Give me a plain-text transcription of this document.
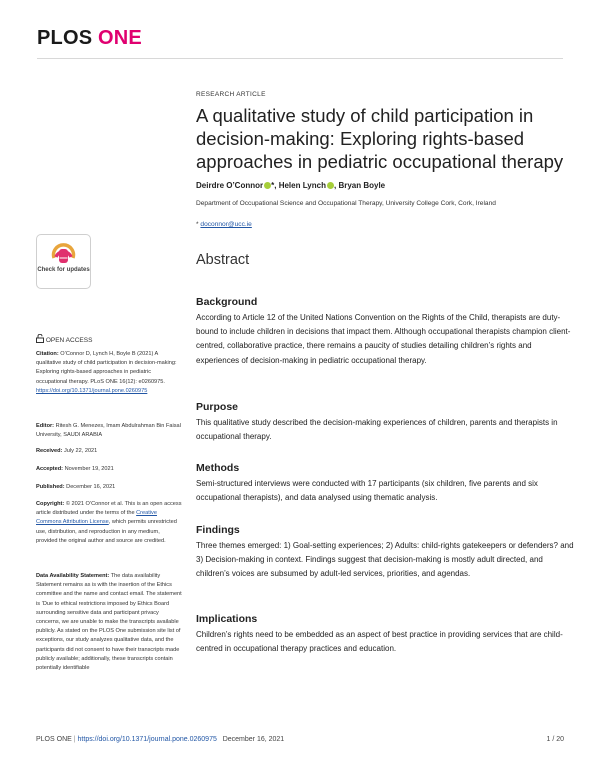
PLOS ONE
RESEARCH ARTICLE
A qualitative study of child participation in decision-making: Exploring rights-based approaches in pediatric occupational therapy
Deirdre O’Connor *, Helen Lynch , Bryan Boyle
Department of Occupational Science and Occupational Therapy, University College Cork, Cork, Ireland
* doconnor@ucc.ie
Abstract
Background
According to Article 12 of the United Nations Convention on the Rights of the Child, therapists are duty-bound to include children in decisions that impact them. Although occupational therapists champion client-centred, collaborative practice, there remains a paucity of studies detailing children’s rights and experiences of decision-making in pediatric occupational therapy.
Purpose
This qualitative study described the decision-making experiences of children, parents and therapists in occupational therapy.
Methods
Semi-structured interviews were conducted with 17 participants (six children, five parents and six occupational therapists), and data analysed using thematic analysis.
Findings
Three themes emerged: 1) Goal-setting experiences; 2) Adults: child-rights gatekeepers or defenders? and 3) Decision-making in context. Findings suggest that decision-making is mostly adult directed, and children’s voices are subsumed by adult-led services, priorities, and agendas.
Implications
Children’s rights need to be embedded as an aspect of best practice in providing services that are child-centred in occupational therapy practices and education.
Check for updates
OPEN ACCESS
Citation: O’Connor D, Lynch H, Boyle B (2021) A qualitative study of child participation in decision-making: Exploring rights-based approaches in pediatric occupational therapy. PLoS ONE 16(12): e0260975. https://doi.org/10.1371/journal.pone.0260975
Editor: Ritesh G. Menezes, Imam Abdulrahman Bin Faisal University, SAUDI ARABIA
Received: July 22, 2021
Accepted: November 19, 2021
Published: December 16, 2021
Copyright: © 2021 O’Connor et al. This is an open access article distributed under the terms of the Creative Commons Attribution License, which permits unrestricted use, distribution, and reproduction in any medium, provided the original author and source are credited.
Data Availability Statement: The data availability Statement remains as is with the insertion of the Ethics committee and the name and contact email. The statement is ‘Due to ethical restrictions imposed by Ethics Board surrounding sensitive data and participant privacy concerns, we are unable to make the transcripts available publicly. As stated on the PLOS One submission site list of exceptions, our study analyzes qualitative data, and the participants did not consent to have their transcripts made publicly available; additionally, these transcripts contain potentially identifiable
PLOS ONE | https://doi.org/10.1371/journal.pone.0260975 December 16, 2021	1 / 20
